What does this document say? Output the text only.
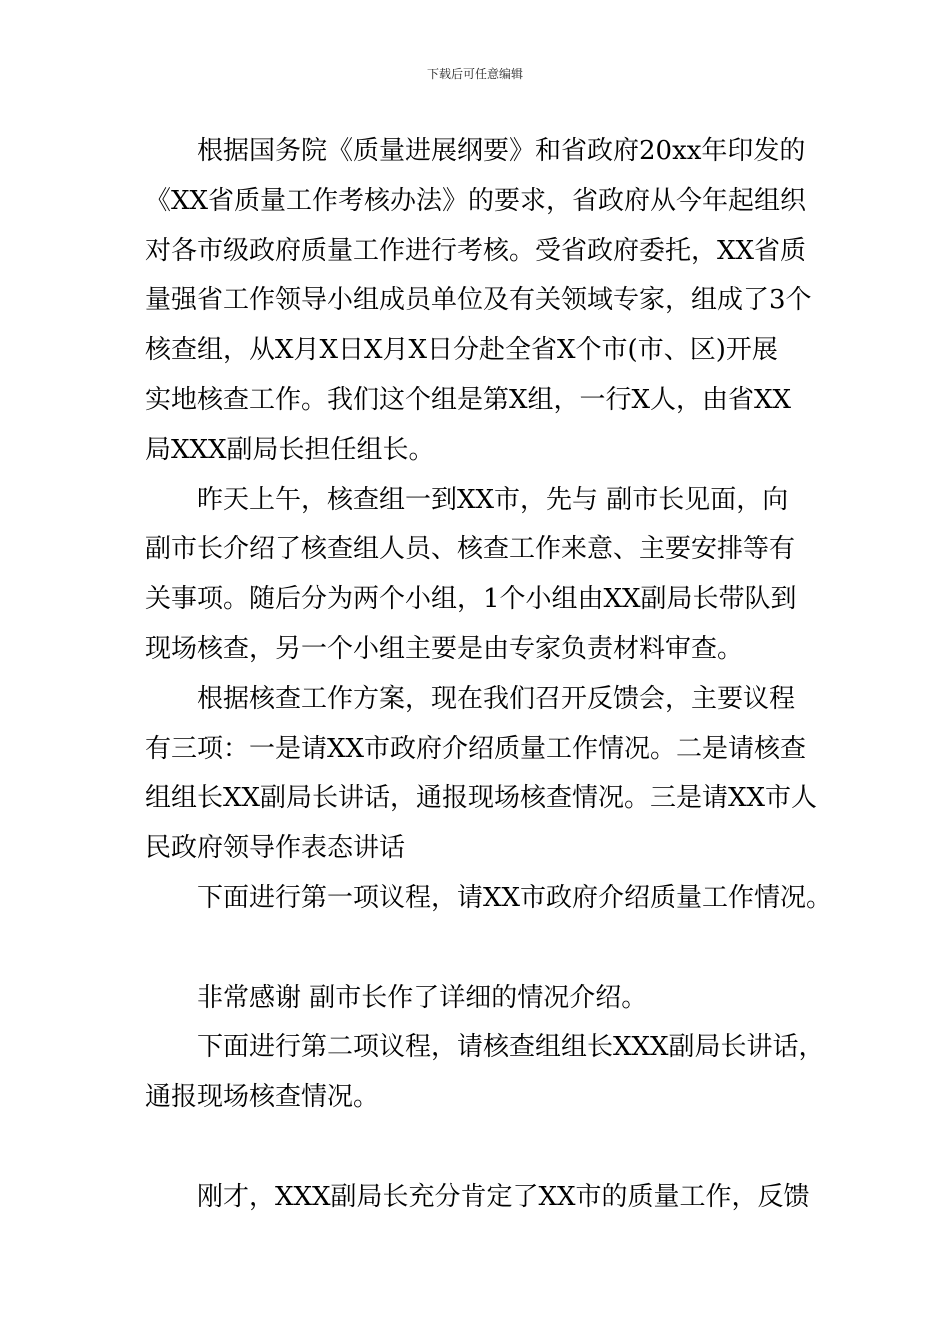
下载后可任意编辑
根据国务院《质量进展纲要》和省政府20xx年印发的
《XX省质量工作考核办法》的要求，省政府从今年起组织
对各市级政府质量工作进行考核。受省政府委托，XX省质
量强省工作领导小组成员单位及有关领域专家，组成了3个
核查组，从X月X日X月X日分赴全省X个市(市、区)开展
实地核查工作。我们这个组是第X组，一行X人，由省XX
局XXX副局长担任组长。
昨天上午，核查组一到XX市，先与 副市长见面，向
副市长介绍了核查组人员、核查工作来意、主要安排等有
关事项。随后分为两个小组，1个小组由XX副局长带队到
现场核查，另一个小组主要是由专家负责材料审查。
根据核查工作方案，现在我们召开反馈会，主要议程
有三项：一是请XX市政府介绍质量工作情况。二是请核查
组组长XX副局长讲话，通报现场核查情况。三是请XX市人
民政府领导作表态讲话
下面进行第一项议程，请XX市政府介绍质量工作情况。
非常感谢 副市长作了详细的情况介绍。
下面进行第二项议程，请核查组组长XXX副局长讲话，
通报现场核查情况。
刚才，XXX副局长充分肯定了XX市的质量工作，反馈
